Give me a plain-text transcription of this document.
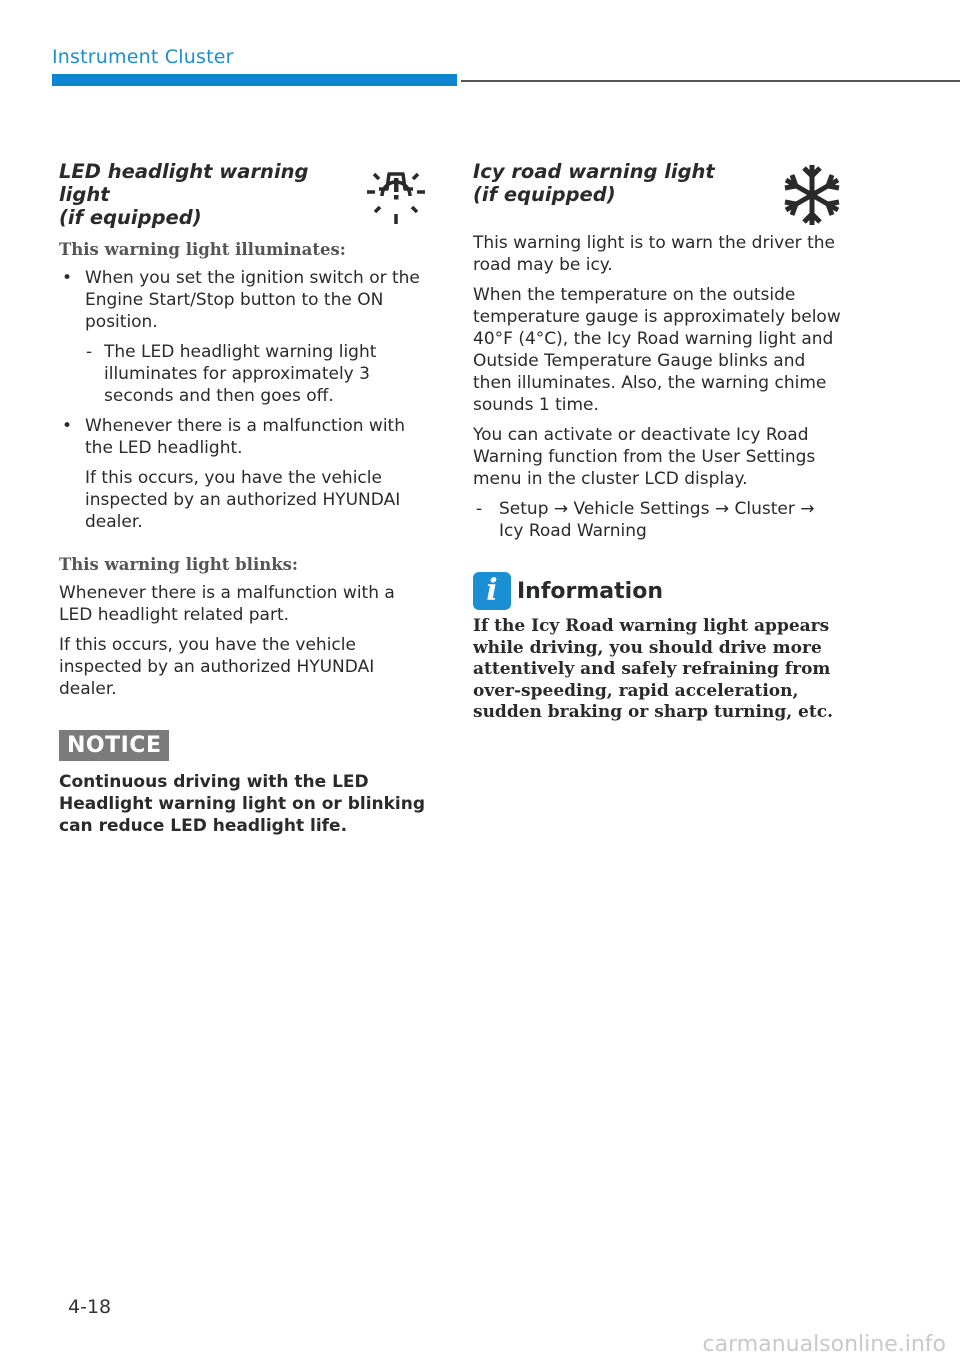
Instrument Cluster
LED headlight warning light
(if equipped)
This warning light illuminates:
• When you set the ignition switch or the Engine Start/Stop button to the ON position.
- The LED headlight warning light illuminates for approximately 3 seconds and then goes off.
• Whenever there is a malfunction with the LED headlight.

If this occurs, you have the vehicle inspected by an authorized HYUNDAI dealer.

This warning light blinks:

Whenever there is a malfunction with a LED headlight related part.

If this occurs, you have the vehicle inspected by an authorized HYUNDAI dealer.

NOTICE

Continuous driving with the LED Headlight warning light on or blinking can reduce LED headlight life.

Icy road warning light
(if equipped)

This warning light is to warn the driver the road may be icy.

When the temperature on the outside temperature gauge is approximately below 40°F (4°C), the Icy Road warning light and Outside Temperature Gauge blinks and then illuminates. Also, the warning chime sounds 1 time.

You can activate or deactivate Icy Road Warning function from the User Settings menu in the cluster LCD display.

- Setup → Vehicle Settings → Cluster → Icy Road Warning
i Information

If the Icy Road warning light appears while driving, you should drive more attentively and safely refraining from over-speeding, rapid acceleration, sudden braking or sharp turning, etc.

4-18
carmanualsonline.info
